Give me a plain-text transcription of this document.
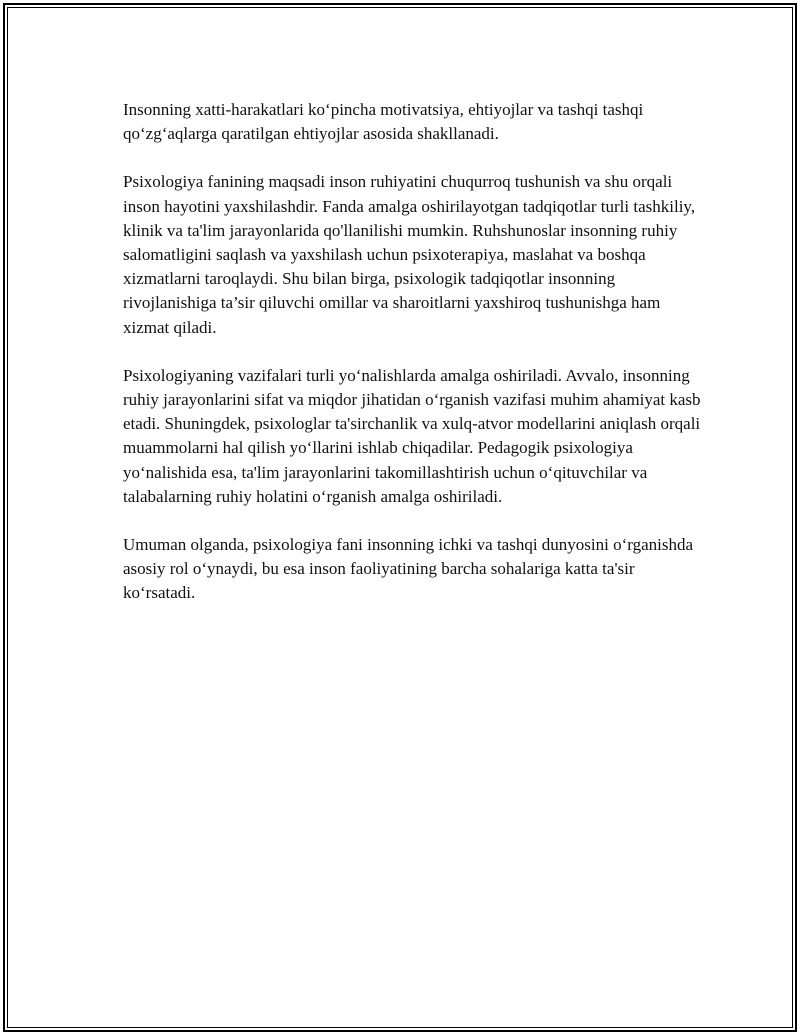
Insonning xatti-harakatlari ko‘pincha motivatsiya, ehtiyojlar va tashqi tashqi qo‘zg‘aqlarga qaratilgan ehtiyojlar asosida shakllanadi.

Psixologiya fanining maqsadi inson ruhiyatini chuqurroq tushunish va shu orqali inson hayotini yaxshilashdir. Fanda amalga oshirilayotgan tadqiqotlar turli tashkiliy, klinik va ta'lim jarayonlarida qo'llanilishi mumkin. Ruhshunoslar insonning ruhiy salomatligini saqlash va yaxshilash uchun psixoterapiya, maslahat va boshqa xizmatlarni taroqlaydi. Shu bilan birga, psixologik tadqiqotlar insonning rivojlanishiga ta’sir qiluvchi omillar va sharoitlarni yaxshiroq tushunishga ham xizmat qiladi.

Psixologiyaning vazifalari turli yo‘nalishlarda amalga oshiriladi. Avvalo, insonning ruhiy jarayonlarini sifat va miqdor jihatidan o‘rganish vazifasi muhim ahamiyat kasb etadi. Shuningdek, psixologlar ta'sirchanlik va xulq-atvor modellarini aniqlash orqali muammolarni hal qilish yo‘llarini ishlab chiqadilar. Pedagogik psixologiya yo‘nalishida esa, ta'lim jarayonlarini takomillashtirish uchun o‘qituvchilar va talabalarning ruhiy holatini o‘rganish amalga oshiriladi.

Umuman olganda, psixologiya fani insonning ichki va tashqi dunyosini o‘rganishda asosiy rol o‘ynaydi, bu esa inson faoliyatining barcha sohalariga katta ta'sir ko‘rsatadi.
